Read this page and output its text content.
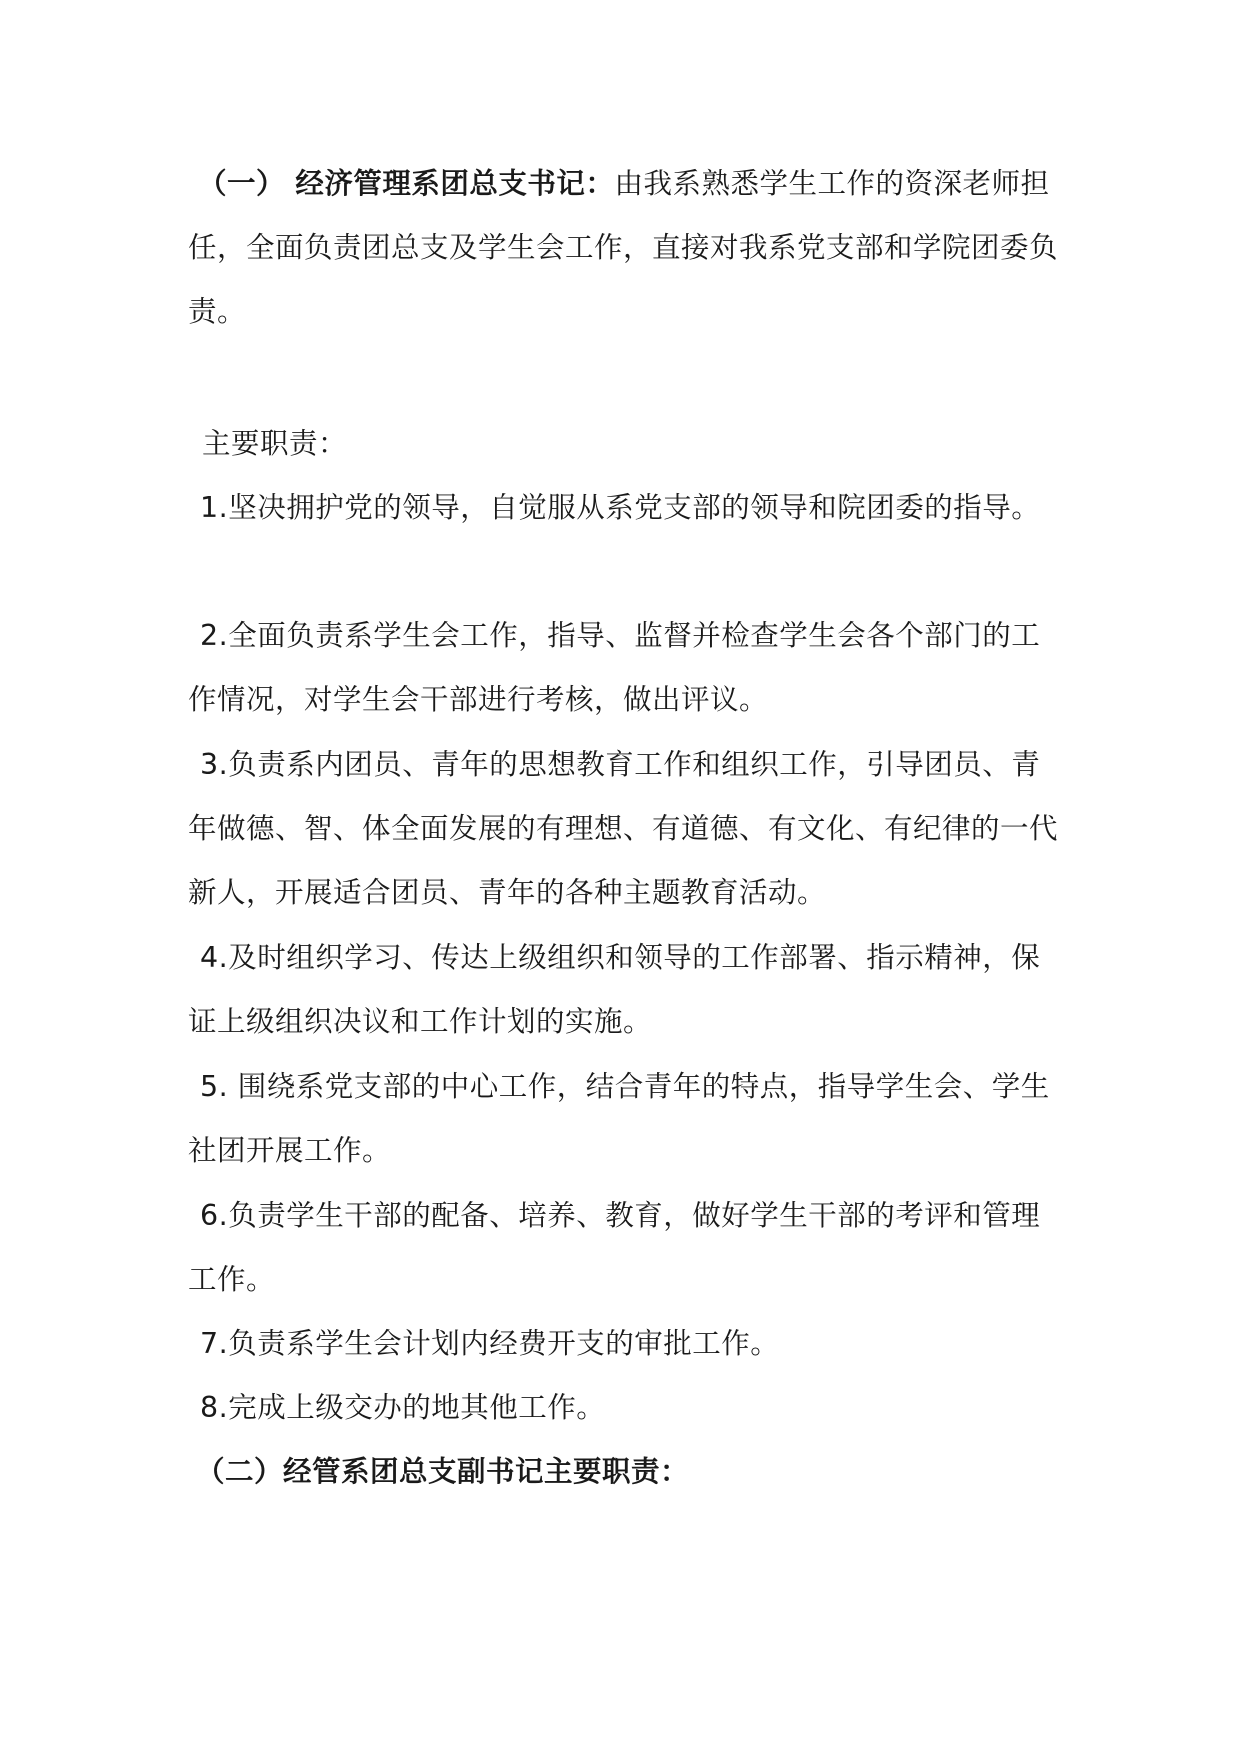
（一） 经济管理系团总支书记：由我系熟悉学生工作的资深老师担任，全面负责团总支及学生会工作，直接对我系党支部和学院团委负责。

主要职责：

1.坚决拥护党的领导，自觉服从系党支部的领导和院团委的指导。

2.全面负责系学生会工作，指导、监督并检查学生会各个部门的工作情况，对学生会干部进行考核，做出评议。

3.负责系内团员、青年的思想教育工作和组织工作，引导团员、青年做德、智、体全面发展的有理想、有道德、有文化、有纪律的一代新人，开展适合团员、青年的各种主题教育活动。

4.及时组织学习、传达上级组织和领导的工作部署、指示精神，保证上级组织决议和工作计划的实施。

5. 围绕系党支部的中心工作，结合青年的特点，指导学生会、学生社团开展工作。

6.负责学生干部的配备、培养、教育，做好学生干部的考评和管理工作。

7.负责系学生会计划内经费开支的审批工作。

8.完成上级交办的地其他工作。

（二）经管系团总支副书记主要职责：
